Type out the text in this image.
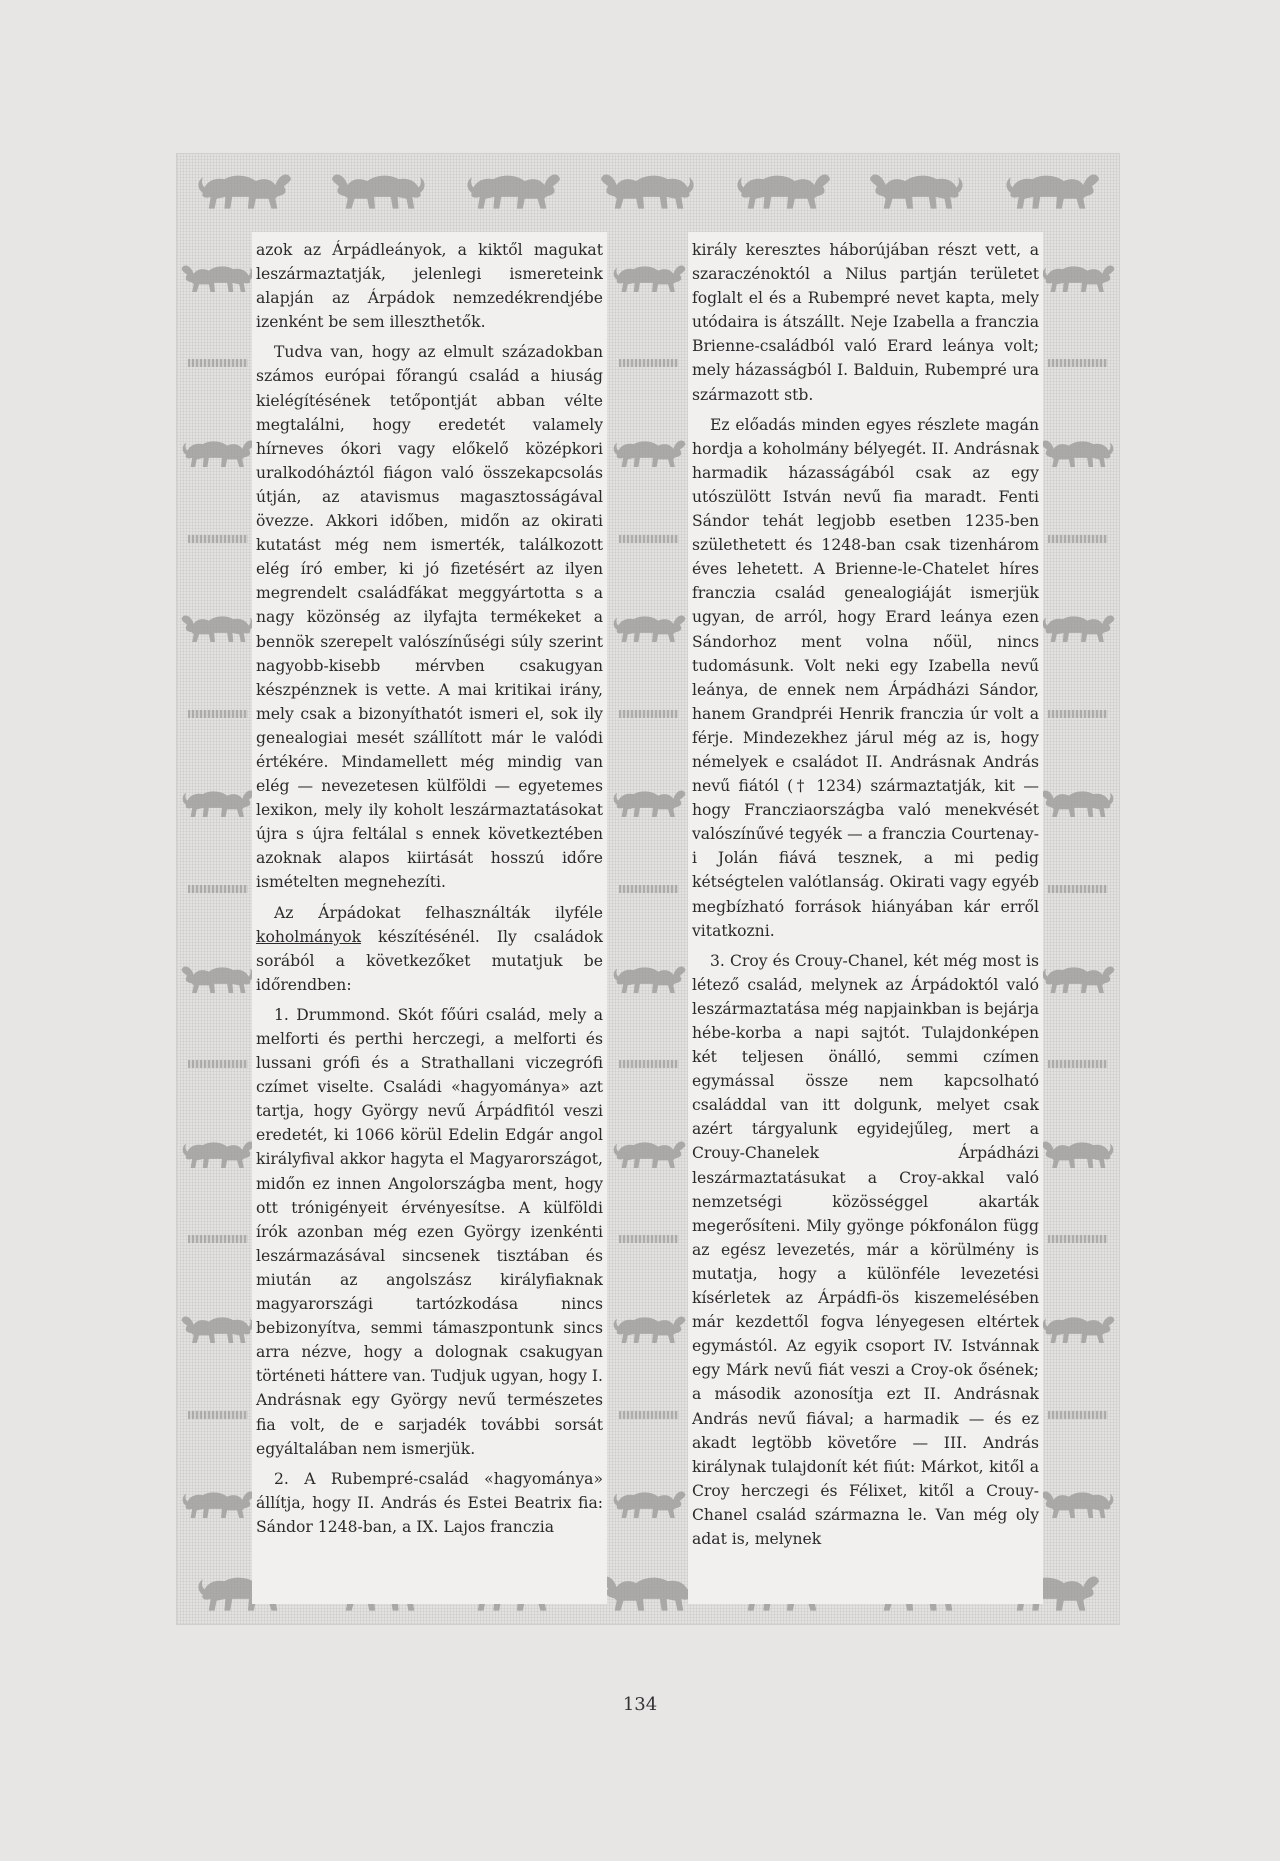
azok az Árpádleányok, a kiktől magukat leszármaztatják, jelenlegi ismereteink alapján az Árpádok nemzedékrendjébe izenként be sem illeszthetők.

Tudva van, hogy az elmult századokban számos európai főrangú család a hiuság kielégítésének tetőpontját abban vélte megtalálni, hogy eredetét valamely hírneves ókori vagy előkelő középkori uralkodóháztól fiágon való összekapcsolás útján, az atavismus magasztosságával övezze. Akkori időben, midőn az okirati kutatást még nem ismerték, találkozott elég író ember, ki jó fizetésért az ilyen megrendelt családfákat meggyártotta s a nagy közönség az ilyfajta termékeket a bennök szerepelt valószínűségi súly szerint nagyobb-kisebb mérvben csakugyan készpénznek is vette. A mai kritikai irány, mely csak a bizonyíthatót ismeri el, sok ily genealogiai mesét szállított már le valódi értékére. Mindamellett még mindig van elég — nevezetesen külföldi — egyetemes lexikon, mely ily koholt leszármaztatásokat újra s újra feltálal s ennek következtében azoknak alapos kiirtását hosszú időre ismételten megnehezíti.

Az Árpádokat felhasználták ilyféle koholmányok készítésénél. Ily családok sorából a következőket mutatjuk be időrendben:

1. Drummond. Skót főúri család, mely a melforti és perthi herczegi, a melforti és lussani grófi és a Strathallani viczegrófi czímet viselte. Családi «hagyománya» azt tartja, hogy György nevű Árpádfitól veszi eredetét, ki 1066 körül Edelin Edgár angol királyfival akkor hagyta el Magyarországot, midőn ez innen Angolországba ment, hogy ott trónigényeit érvényesítse. A külföldi írók azonban még ezen György izenkénti leszármazásával sincsenek tisztában és miután az angolszász királyfiaknak magyarországi tartózkodása nincs bebizonyítva, semmi támaszpontunk sincs arra nézve, hogy a dolognak csakugyan történeti háttere van. Tudjuk ugyan, hogy I. Andrásnak egy György nevű természetes fia volt, de e sarjadék további sorsát egyáltalában nem ismerjük.

2. A Rubempré-család «hagyománya» állítja, hogy II. András és Estei Beatrix fia: Sándor 1248-ban, a IX. Lajos franczia

király keresztes háborújában részt vett, a szaraczénoktól a Nilus partján területet foglalt el és a Rubempré nevet kapta, mely utódaira is átszállt. Neje Izabella a franczia Brienne-családból való Erard leánya volt; mely házasságból I. Balduin, Rubempré ura származott stb.

Ez előadás minden egyes részlete magán hordja a koholmány bélyegét. II. Andrásnak harmadik házasságából csak az egy utószülött István nevű fia maradt. Fenti Sándor tehát legjobb esetben 1235-ben születhetett és 1248-ban csak tizenhárom éves lehetett. A Brienne-le-Chatelet híres franczia család genealogiáját ismerjük ugyan, de arról, hogy Erard leánya ezen Sándorhoz ment volna nőül, nincs tudomásunk. Volt neki egy Izabella nevű leánya, de ennek nem Árpádházi Sándor, hanem Grandpréi Henrik franczia úr volt a férje. Mindezekhez járul még az is, hogy némelyek e családot II. Andrásnak András nevű fiától († 1234) származtatják, kit — hogy Francziaországba való menekvését valószínűvé tegyék — a franczia Courtenay-i Jolán fiává tesznek, a mi pedig kétségtelen valótlanság. Okirati vagy egyéb megbízható források hiányában kár erről vitatkozni.

3. Croy és Crouy-Chanel, két még most is létező család, melynek az Árpádoktól való leszármaztatása még napjainkban is bejárja hébe-korba a napi sajtót. Tulajdonképen két teljesen önálló, semmi czímen egymással össze nem kapcsolható családdal van itt dolgunk, melyet csak azért tárgyalunk egyidejűleg, mert a Crouy-Chanelek Árpádházi leszármaztatásukat a Croy-akkal való nemzetségi közösséggel akarták megerősíteni. Mily gyönge pókfonálon függ az egész levezetés, már a körülmény is mutatja, hogy a különféle levezetési kísérletek az Árpádfi-ös kiszemelésében már kezdettől fogva lényegesen eltértek egymástól. Az egyik csoport IV. Istvánnak egy Márk nevű fiát veszi a Croy-ok ősének; a második azonosítja ezt II. Andrásnak András nevű fiával; a harmadik — és ez akadt legtöbb követőre — III. András királynak tulajdonít két fiút: Márkot, kitől a Croy herczegi és Félixet, kitől a Crouy-Chanel család származna le. Van még oly adat is, melynek

134
